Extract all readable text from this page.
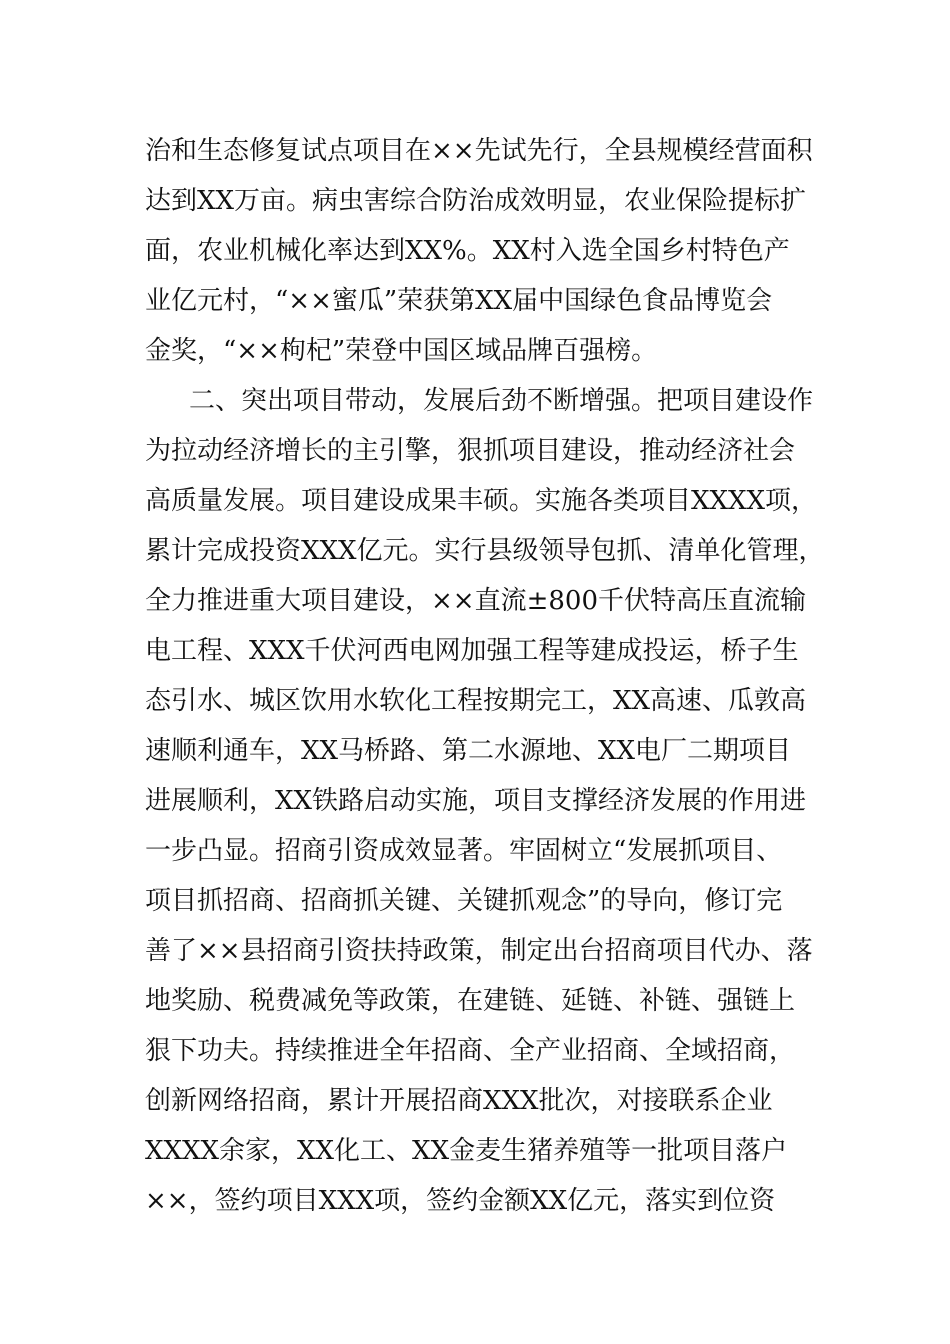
治和生态修复试点项目在××先试先行，全县规模经营面积
达到XX万亩。病虫害综合防治成效明显，农业保险提标扩
面，农业机械化率达到XX%。XX村入选全国乡村特色产
业亿元村，“××蜜瓜”荣获第XX届中国绿色食品博览会
金奖，“××枸杞”荣登中国区域品牌百强榜。
二、突出项目带动，发展后劲不断增强。把项目建设作
为拉动经济增长的主引擎，狠抓项目建设，推动经济社会
高质量发展。项目建设成果丰硕。实施各类项目XXXX项，
累计完成投资XXX亿元。实行县级领导包抓、清单化管理，
全力推进重大项目建设，××直流±800千伏特高压直流输
电工程、XXX千伏河西电网加强工程等建成投运，桥子生
态引水、城区饮用水软化工程按期完工，XX高速、瓜敦高
速顺利通车，XX马桥路、第二水源地、XX电厂二期项目
进展顺利，XX铁路启动实施，项目支撑经济发展的作用进
一步凸显。招商引资成效显著。牢固树立“发展抓项目、
项目抓招商、招商抓关键、关键抓观念”的导向，修订完
善了××县招商引资扶持政策，制定出台招商项目代办、落
地奖励、税费减免等政策，在建链、延链、补链、强链上
狠下功夫。持续推进全年招商、全产业招商、全域招商，
创新网络招商，累计开展招商XXX批次，对接联系企业
XXXX余家，XX化工、XX金麦生猪养殖等一批项目落户
××，签约项目XXX项，签约金额XX亿元，落实到位资
